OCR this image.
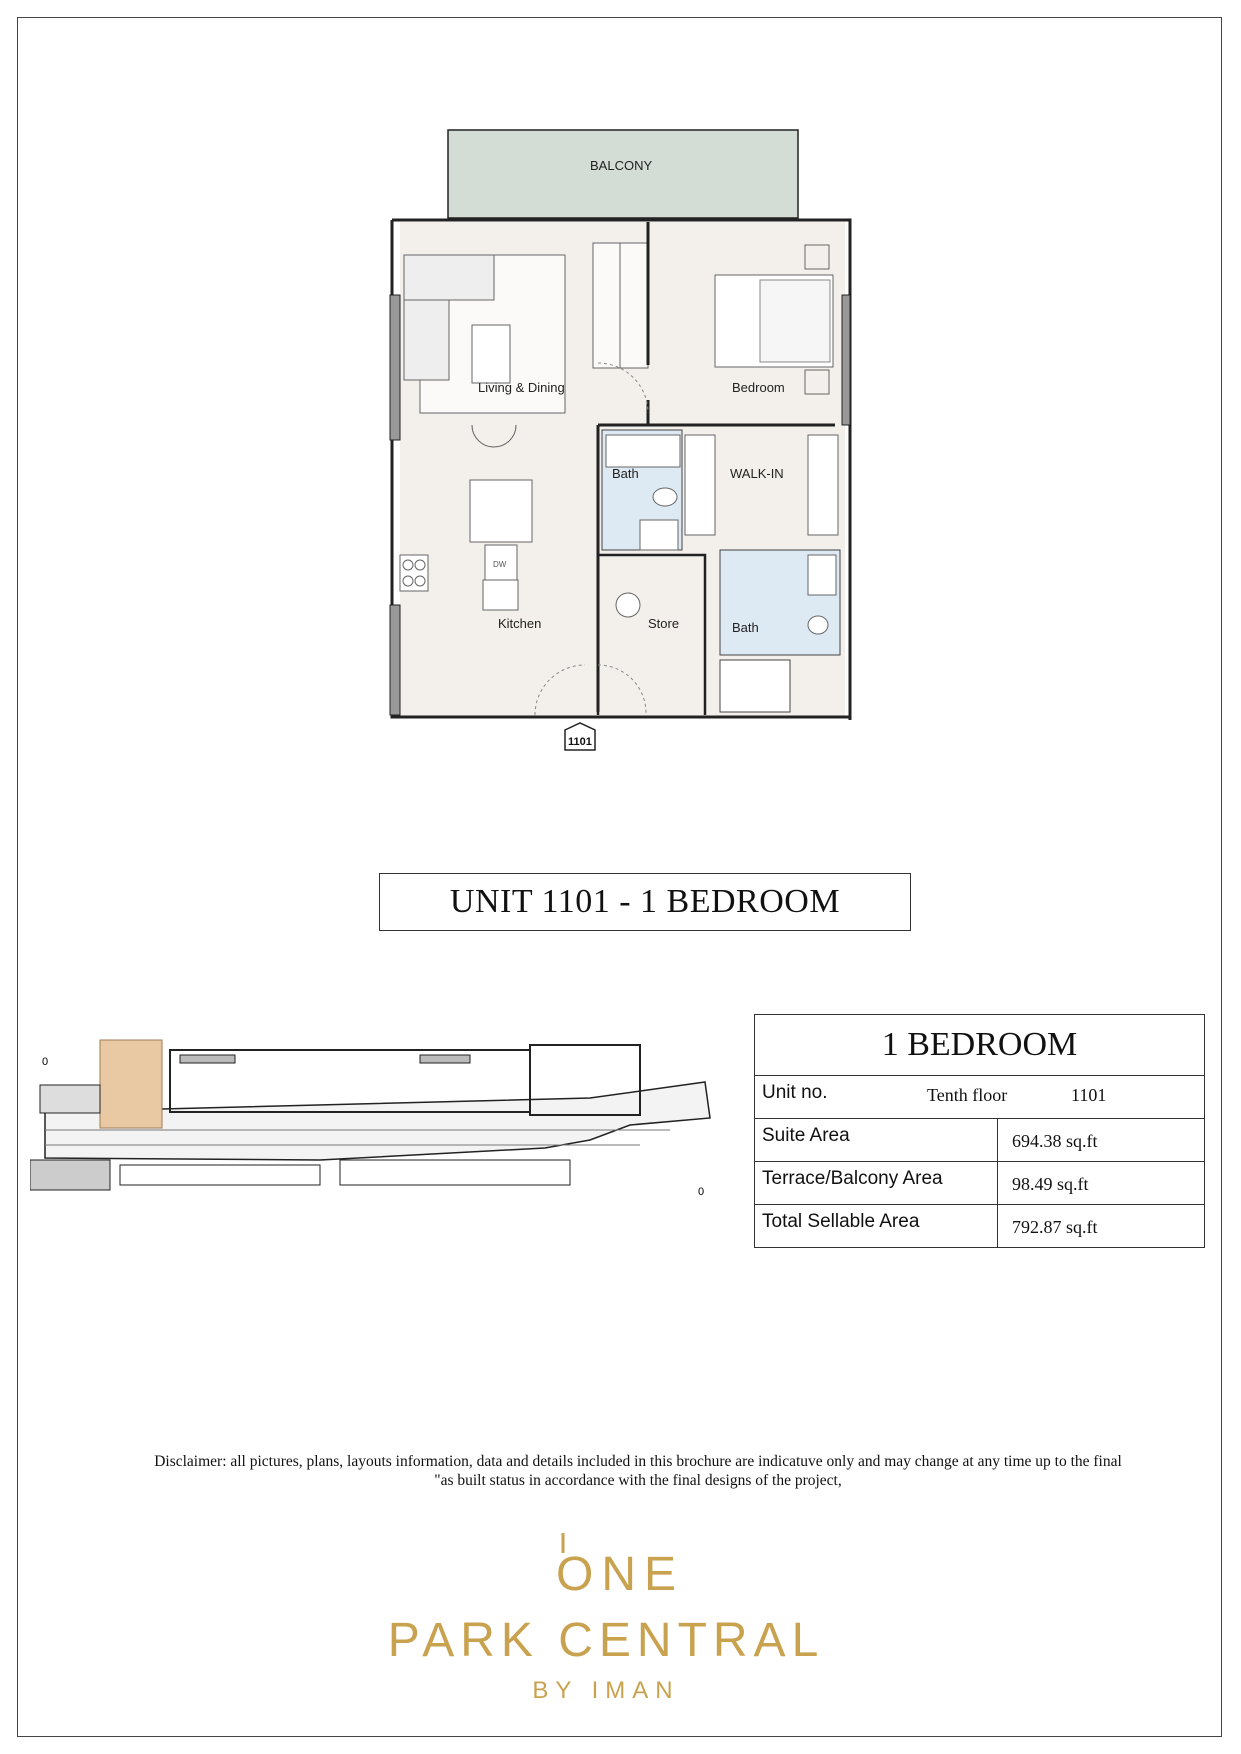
BALCONY
Living & Dining	Bedroom
Bath	WALK-IN
Bath
Store
DW
Kitchen
1101
UNIT 1101 - 1 BEDROOM
0
0
1 BEDROOM
Unit no.	Tenth floor	1101
Suite Area	694.38 sq.ft
Terrace/Balcony Area	98.49 sq.ft
Total Sellable Area	792.87 sq.ft
Disclaimer: all pictures, plans, layouts information, data and details included in this brochure are indicatuve only and may change at any time up to the final
"as built status in accordance with the final designs of the project,
ONE
PARK CENTRAL
BY IMAN
